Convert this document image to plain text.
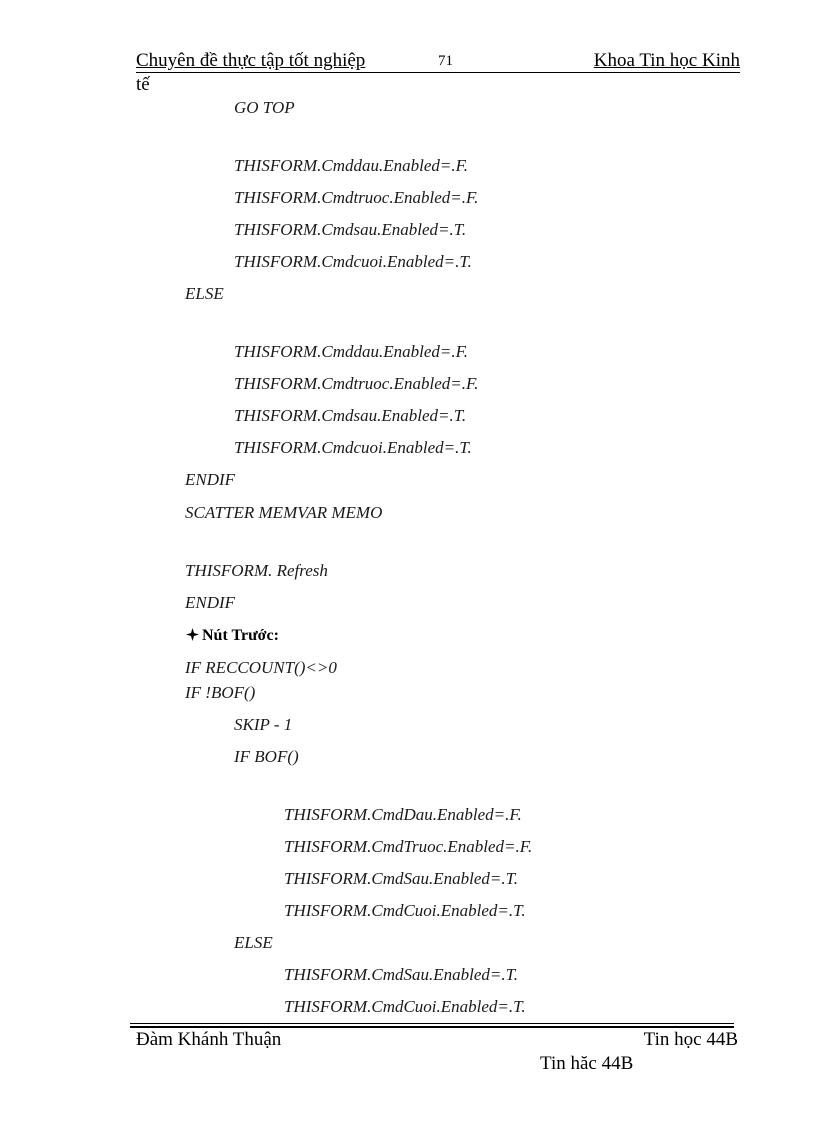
Chuyên đề thực tập tốt nghiệp	71	Khoa Tin học Kinh
tế
GO TOP
THISFORM.Cmddau.Enabled=.F.
THISFORM.Cmdtruoc.Enabled=.F.
THISFORM.Cmdsau.Enabled=.T.
THISFORM.Cmdcuoi.Enabled=.T.
ELSE
THISFORM.Cmddau.Enabled=.F.
THISFORM.Cmdtruoc.Enabled=.F.
THISFORM.Cmdsau.Enabled=.T.
THISFORM.Cmdcuoi.Enabled=.T.
ENDIF
SCATTER MEMVAR MEMO
THISFORM. Refresh
ENDIF
Nút Trước:
IF RECCOUNT()<>0
IF !BOF()
SKIP - 1
IF BOF()
THISFORM.CmdDau.Enabled=.F.
THISFORM.CmdTruoc.Enabled=.F.
THISFORM.CmdSau.Enabled=.T.
THISFORM.CmdCuoi.Enabled=.T.
ELSE
THISFORM.CmdSau.Enabled=.T.
THISFORM.CmdCuoi.Enabled=.T.
Đàm Khánh Thuận	Tin học 44B
Tin hăc 44B
